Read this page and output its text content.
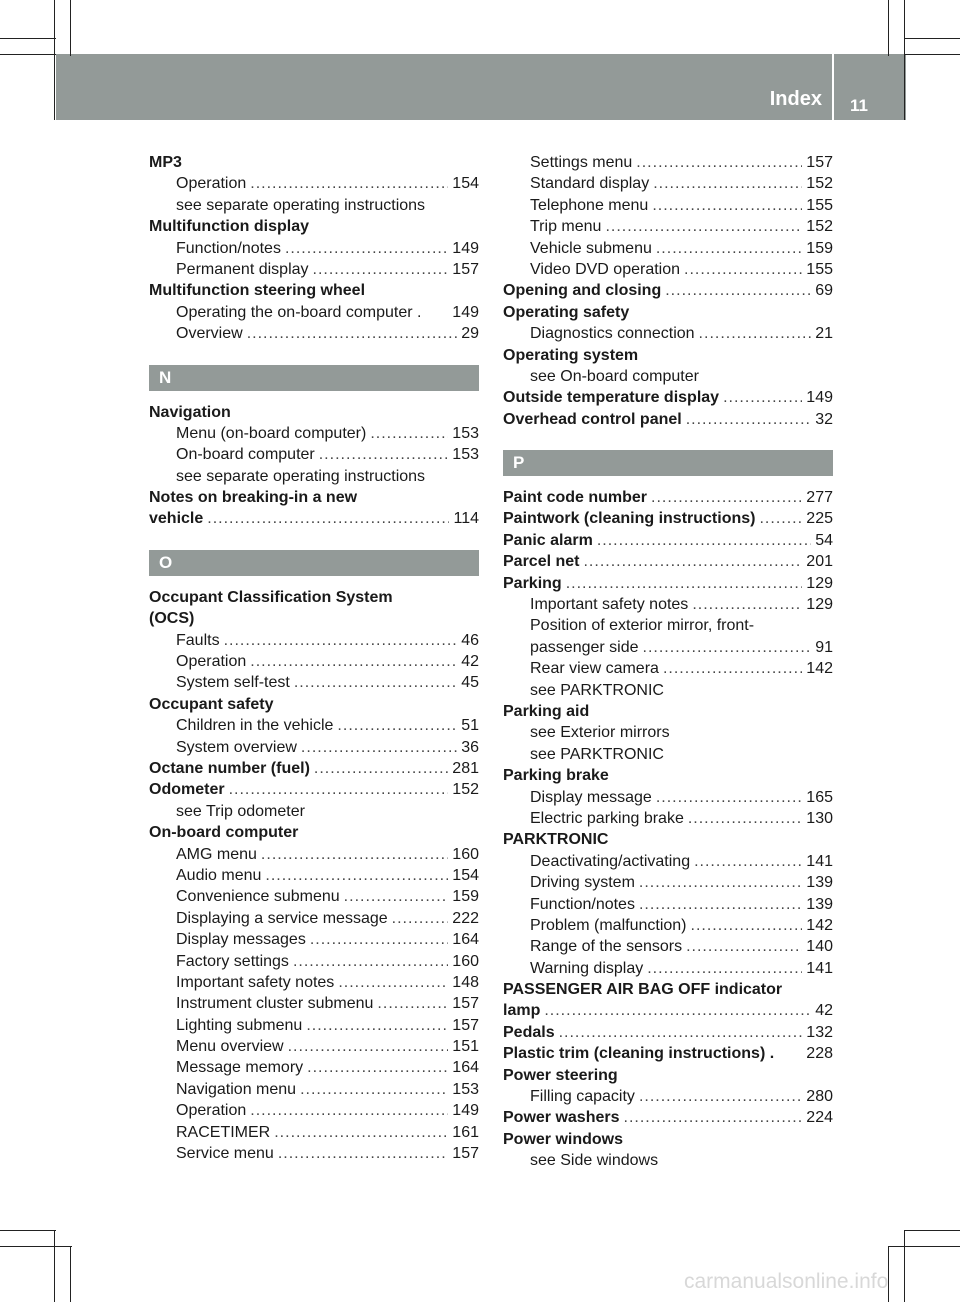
Index 11
MP3
Operation .....	154
see separate operating instructions
Multifunction display
Function/notes .....	149
Permanent display .....	157
Multifunction steering wheel
Operating the on-board computer . 149
Overview .....	29
N
Navigation
Menu (on-board computer) .....	153
On-board computer .....	153
see separate operating instructions
Notes on breaking-in a new
vehicle .....	114
O
Occupant Classification System
(OCS)
Faults .....	46
Operation .....	42
System self-test .....	45
Occupant safety
Children in the vehicle .....	51
System overview .....	36
Octane number (fuel) .....	281
Odometer .....	152
see Trip odometer
On-board computer
AMG menu .....	160
Audio menu .....	154
Convenience submenu .....	159
Displaying a service message .....	222
Display messages .....	164
Factory settings .....	160
Important safety notes .....	148
Instrument cluster submenu .....	157
Lighting submenu .....	157
Menu overview .....	151
Message memory .....	164
Navigation menu .....	153
Operation .....	149
RACETIMER .....	161
Service menu .....	157
Settings menu .....	157
Standard display .....	152
Telephone menu .....	155
Trip menu .....	152
Vehicle submenu .....	159
Video DVD operation .....	155
Opening and closing .....	69
Operating safety
Diagnostics connection .....	21
Operating system
see On-board computer
Outside temperature display .....	149
Overhead control panel .....	32
P
Paint code number .....	277
Paintwork (cleaning instructions) .....	225
Panic alarm .....	54
Parcel net .....	201
Parking .....	129
Important safety notes .....	129
Position of exterior mirror, front-
passenger side .....	91
Rear view camera .....	142
see PARKTRONIC
Parking aid
see Exterior mirrors
see PARKTRONIC
Parking brake
Display message .....	165
Electric parking brake .....	130
PARKTRONIC
Deactivating/activating .....	141
Driving system .....	139
Function/notes .....	139
Problem (malfunction) .....	142
Range of the sensors .....	140
Warning display .....	141
PASSENGER AIR BAG OFF indicator
lamp .....	42
Pedals .....	132
Plastic trim (cleaning instructions) . 228
Power steering
Filling capacity .....	280
Power washers .....	224
Power windows
see Side windows
carmanualsonline.info
